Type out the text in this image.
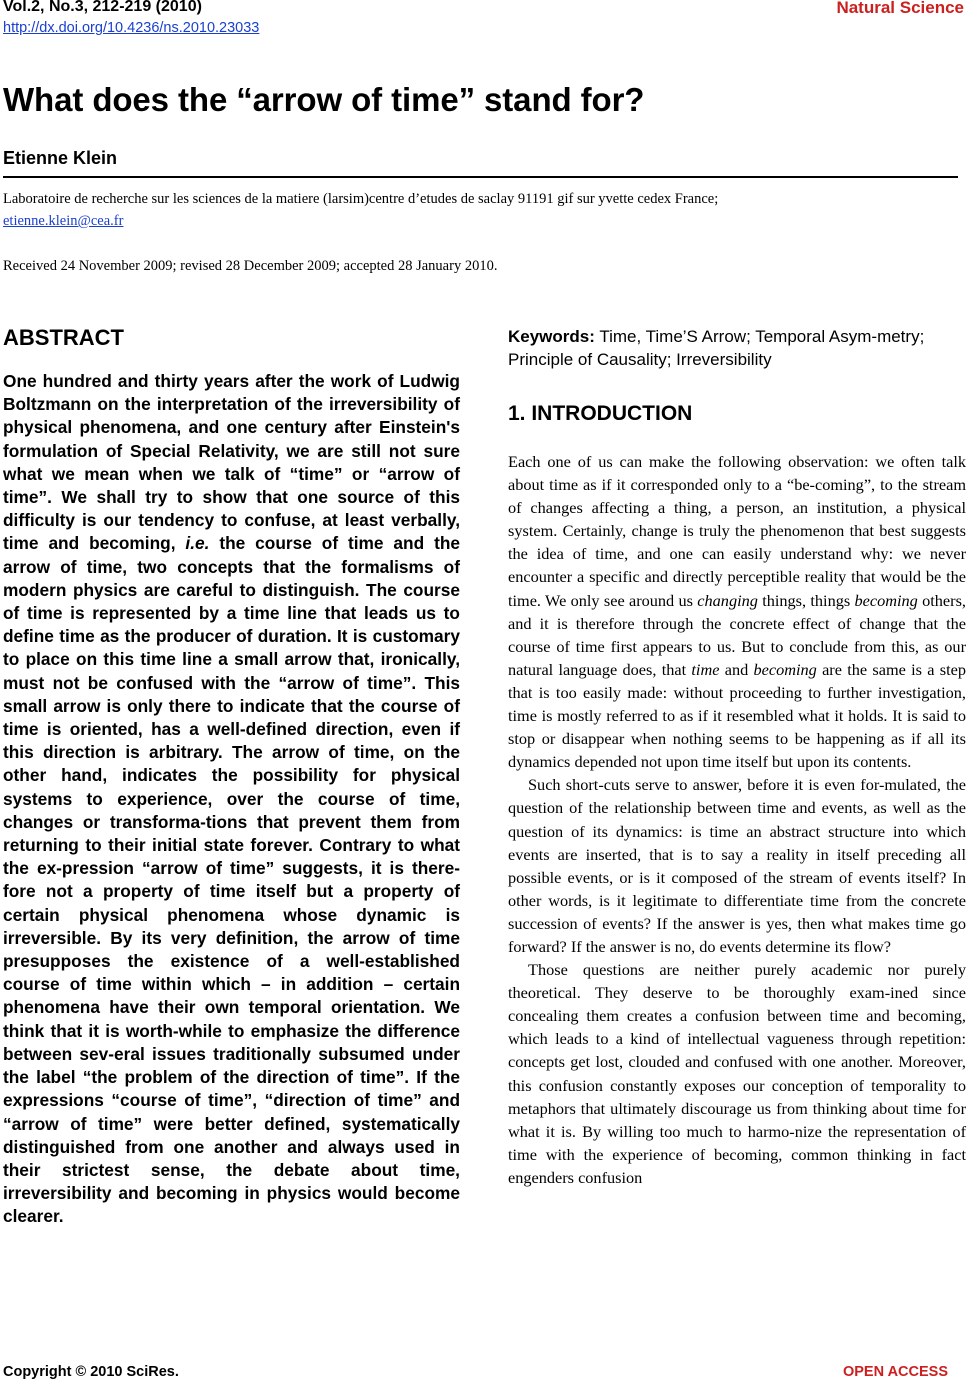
Vol.2, No.3, 212-219 (2010)
http://dx.doi.org/10.4236/ns.2010.23033
Natural Science
What does the “arrow of time” stand for?
Etienne Klein
Laboratoire de recherche sur les sciences de la matiere (larsim)centre d’etudes de saclay 91191 gif sur yvette cedex France;
etienne.klein@cea.fr
Received 24 November 2009; revised 28 December 2009; accepted 28 January 2010.
ABSTRACT
One hundred and thirty years after the work of Ludwig Boltzmann on the interpretation of the irreversibility of physical phenomena, and one century after Einstein's formulation of Special Relativity, we are still not sure what we mean when we talk of “time” or “arrow of time”. We shall try to show that one source of this difficulty is our tendency to confuse, at least verbally, time and becoming, i.e. the course of time and the arrow of time, two concepts that the formalisms of modern physics are careful to distinguish. The course of time is represented by a time line that leads us to define time as the producer of duration. It is customary to place on this time line a small arrow that, ironically, must not be confused with the “arrow of time”. This small arrow is only there to indicate that the course of time is oriented, has a well-defined direction, even if this direction is arbitrary. The arrow of time, on the other hand, indicates the possibility for physical systems to experience, over the course of time, changes or transforma-tions that prevent them from returning to their initial state forever. Contrary to what the ex-pression “arrow of time” suggests, it is there-fore not a property of time itself but a property of certain physical phenomena whose dynamic is irreversible. By its very definition, the arrow of time presupposes the existence of a well-established course of time within which – in addition – certain phenomena have their own temporal orientation. We think that it is worth-while to emphasize the difference between sev-eral issues traditionally subsumed under the label “the problem of the direction of time”. If the expressions “course of time”, “direction of time” and “arrow of time” were better defined, systematically distinguished from one another and always used in their strictest sense, the debate about time, irreversibility and becoming in physics would become clearer.
Keywords: Time, Time’S Arrow; Temporal Asym-metry; Principle of Causality; Irreversibility
1. INTRODUCTION

Each one of us can make the following observation: we often talk about time as if it corresponded only to a “be-coming”, to the stream of changes affecting a thing, a person, an institution, a physical system. Certainly, change is truly the phenomenon that best suggests the idea of time, and one can easily understand why: we never encounter a specific and directly perceptible reality that would be the time. We only see around us changing things, things becoming others, and it is therefore through the concrete effect of change that the course of time first appears to us. But to conclude from this, as our natural language does, that time and becoming are the same is a step that is too easily made: without proceeding to further investigation, time is mostly referred to as if it resembled what it holds. It is said to stop or disappear when nothing seems to be happening as if all its dynamics depended not upon time itself but upon its contents.

Such short-cuts serve to answer, before it is even for-mulated, the question of the relationship between time and events, as well as the question of its dynamics: is time an abstract structure into which events are inserted, that is to say a reality in itself preceding all possible events, or is it composed of the stream of events itself? In other words, is it legitimate to differentiate time from the concrete succession of events? If the answer is yes, then what makes time go forward? If the answer is no, do events determine its flow?

Those questions are neither purely academic nor purely theoretical. They deserve to be thoroughly exam-ined since concealing them creates a confusion between time and becoming, which leads to a kind of intellectual vagueness through repetition: concepts get lost, clouded and confused with one another. Moreover, this confusion constantly exposes our conception of temporality to metaphors that ultimately discourage us from thinking about time for what it is. By willing too much to harmo-nize the representation of time with the experience of becoming, common thinking in fact engenders confusion

Copyright © 2010 SciRes.	OPEN ACCESS
